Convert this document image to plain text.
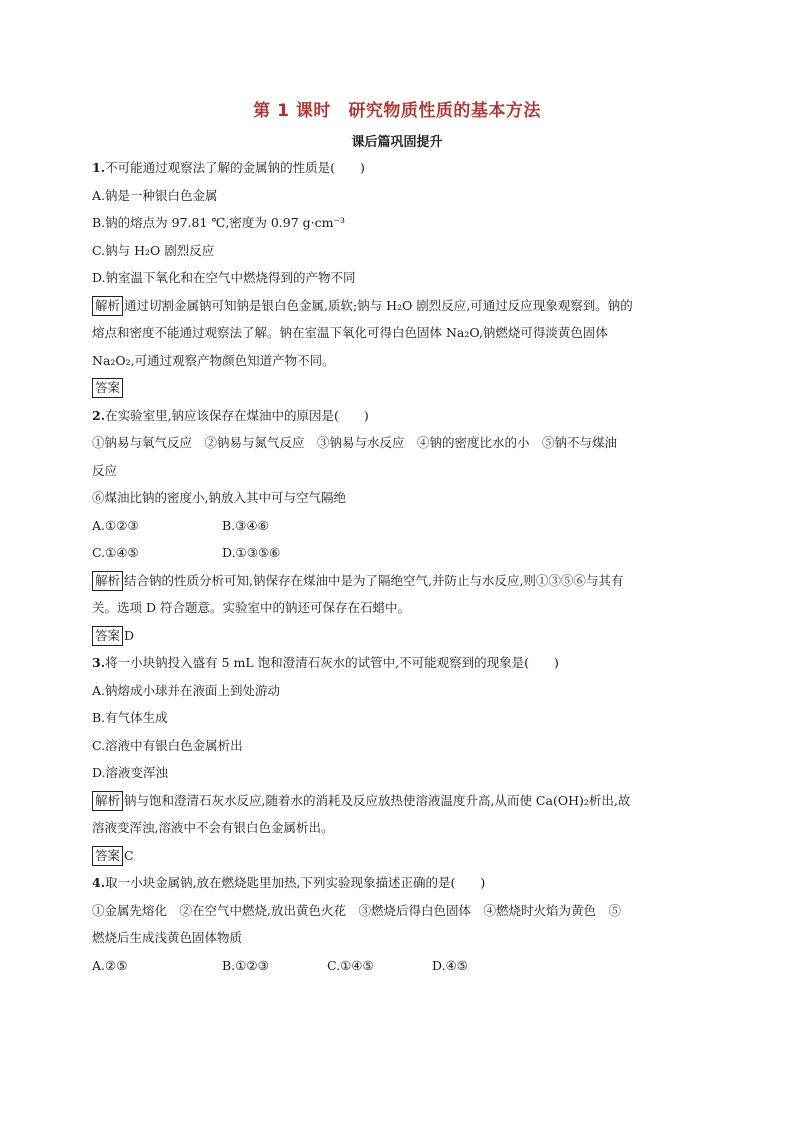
第 1 课时　研究物质性质的基本方法
课后篇巩固提升
1.不可能通过观察法了解的金属钠的性质是(　　)
A.钠是一种银白色金属
B.钠的熔点为 97.81 ℃,密度为 0.97 g·cm⁻³
C.钠与 H₂O 剧烈反应
D.钠室温下氧化和在空气中燃烧得到的产物不同
解析 通过切割金属钠可知钠是银白色金属,质软;钠与 H₂O 剧烈反应,可通过反应现象观察到。钠的
熔点和密度不能通过观察法了解。钠在室温下氧化可得白色固体 Na₂O,钠燃烧可得淡黄色固体
Na₂O₂,可通过观察产物颜色知道产物不同。
答案
2.在实验室里,钠应该保存在煤油中的原因是(　　)
①钠易与氧气反应　②钠易与氮气反应　③钠易与水反应　④钠的密度比水的小　⑤钠不与煤油
反应
⑥煤油比钠的密度小,钠放入其中可与空气隔绝
A.①②③	B.③④⑥
C.①④⑤	D.①③⑤⑥
解析 结合钠的性质分析可知,钠保存在煤油中是为了隔绝空气,并防止与水反应,则①③⑤⑥与其有
关。选项 D 符合题意。实验室中的钠还可保存在石蜡中。
答案 D
3.将一小块钠投入盛有 5 mL 饱和澄清石灰水的试管中,不可能观察到的现象是(　　)
A.钠熔成小球并在液面上到处游动
B.有气体生成
C.溶液中有银白色金属析出
D.溶液变浑浊
解析 钠与饱和澄清石灰水反应,随着水的消耗及反应放热使溶液温度升高,从而使 Ca(OH)₂析出,故
溶液变浑浊,溶液中不会有银白色金属析出。
答案 C
4.取一小块金属钠,放在燃烧匙里加热,下列实验现象描述正确的是(　　)
①金属先熔化　②在空气中燃烧,放出黄色火花　③燃烧后得白色固体　④燃烧时火焰为黄色　⑤
燃烧后生成浅黄色固体物质
A.②⑤	B.①②③	C.①④⑤	D.④⑤
